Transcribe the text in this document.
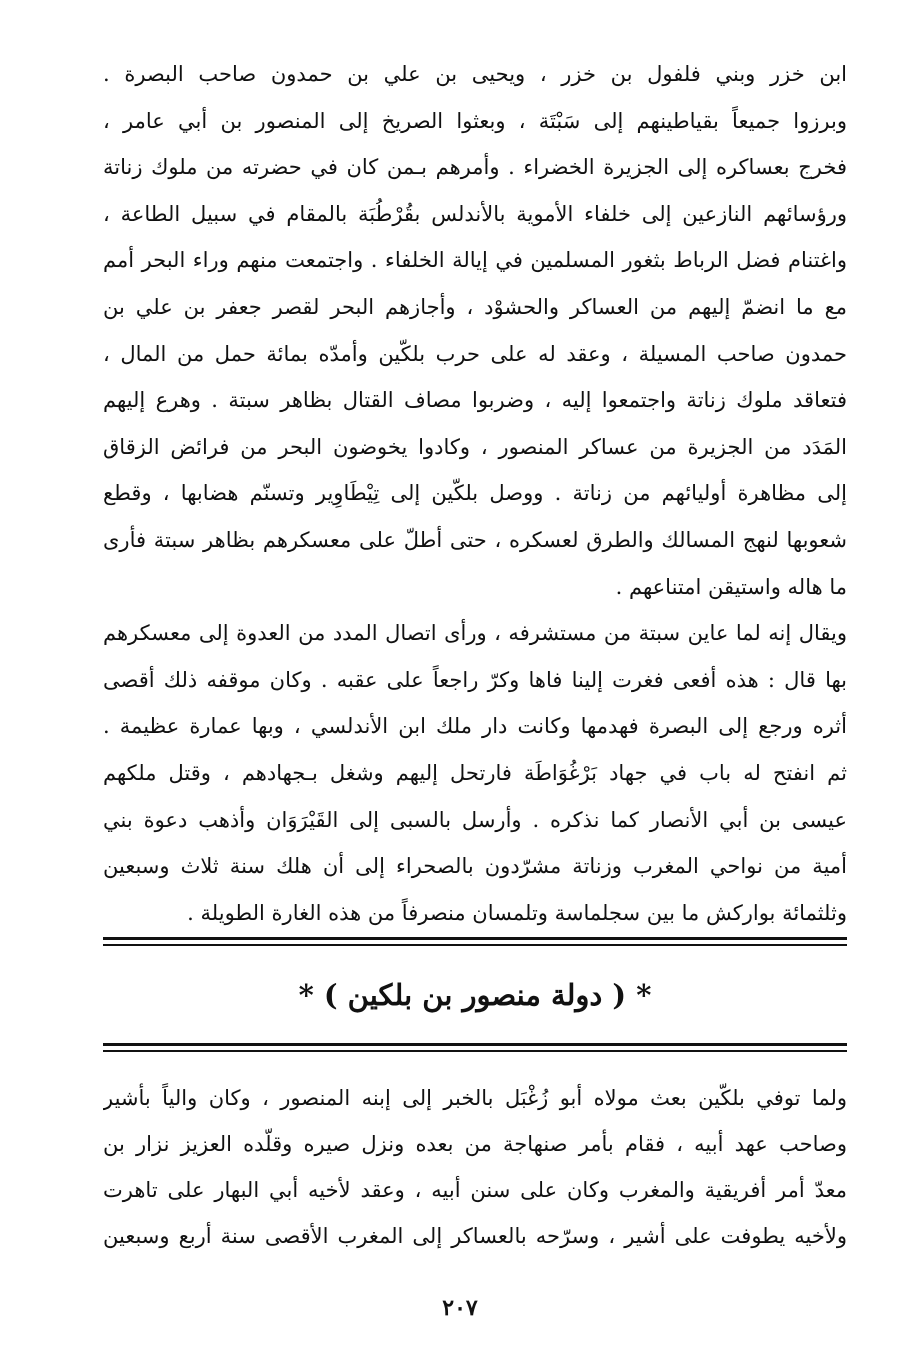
ابن خزر وبني فلفول بن خزر ، ويحيى بن علي بن حمدون صاحب البصرة .
وبرزوا جميعاً بقياطينهم إلى سَبْتَة ، وبعثوا الصريخ إلى المنصور بن أبي عامر ،
فخرج بعساكره إلى الجزيرة الخضراء . وأمرهم بـمن كان في حضرته من ملوك زناتة
ورؤسائهم النازعين إلى خلفاء الأموية بالأندلس بقُرْطُبَة بالمقام في سبيل الطاعة ،
واغتنام فضل الرباط بثغور المسلمين في إيالة الخلفاء . واجتمعت منهم وراء البحر أمم
مع ما انضمّ إليهم من العساكر والحشوْد ، وأجازهم البحر لقصر جعفر بن علي بن
حمدون صاحب المسيلة ، وعقد له على حرب بلكّين وأمدّه بمائة حمل من المال ،
فتعاقد ملوك زناتة واجتمعوا إليه ، وضربوا مصاف القتال بظاهر سبتة . وهرع إليهم
المَدَد من الجزيرة من عساكر المنصور ، وكادوا يخوضون البحر من فرائض الزقاق
إلى مظاهرة أوليائهم من زناتة . ووصل بلكّين إلى تِيْطَاوِير وتسنّم هضابها ، وقطع
شعوبها لنهج المسالك والطرق لعسكره ، حتى أطلّ على معسكرهم بظاهر سبتة فأرى
ما هاله واستيقن امتناعهم .
ويقال إنه لما عاين سبتة من مستشرفه ، ورأى اتصال المدد من العدوة إلى معسكرهم
بها قال : هذه أفعى فغرت إلينا فاها وكرّ راجعاً على عقبه . وكان موقفه ذلك أقصى
أثره ورجع إلى البصرة فهدمها وكانت دار ملك ابن الأندلسي ، وبها عمارة عظيمة .
ثم انفتح له باب في جهاد بَرْغُوَاطَة فارتحل إليهم وشغل بـجهادهم ، وقتل ملكهم
عيسى بن أبي الأنصار كما نذكره . وأرسل بالسبى إلى القَيْرَوَان وأذهب دعوة بني
أمية من نواحي المغرب وزناتة مشرّدون بالصحراء إلى أن هلك سنة ثلاث وسبعين
وثلثمائة بواركش ما بين سجلماسة وتلمسان منصرفاً من هذه الغارة الطويلة .
* ( دولة منصور بن بلكين ) *
ولما توفي بلكّين بعث مولاه أبو زُغْبَل بالخبر إلى إبنه المنصور ، وكان والياً بأشير
وصاحب عهد أبيه ، فقام بأمر صنهاجة من بعده ونزل صيره وقلّده العزيز نزار بن
معدّ أمر أفريقية والمغرب وكان على سنن أبيه ، وعقد لأخيه أبي البهار على تاهرت
ولأخيه يطوفت على أشير ، وسرّحه بالعساكر إلى المغرب الأقصى سنة أربع وسبعين
٢٠٧
